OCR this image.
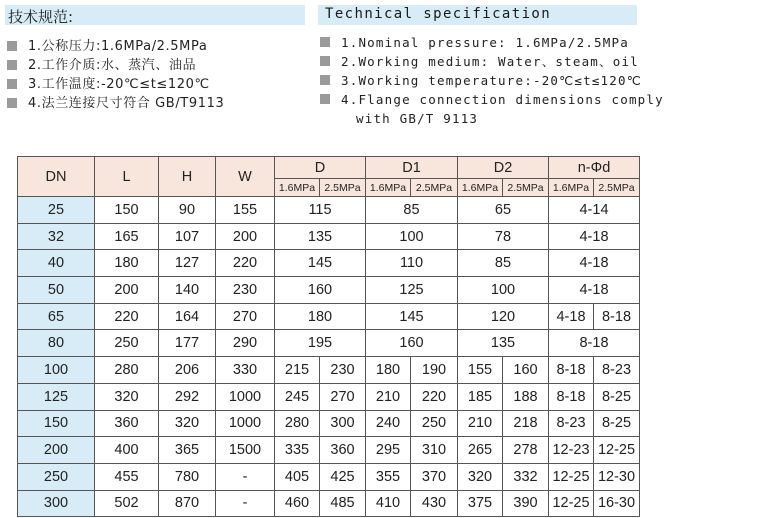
技术规范:	Technical specification
1.公称压力:1.6MPa/2.5MPa
2.工作介质:水、蒸汽、油品
3.工作温度:-20℃≤t≤120℃
4.法兰连接尺寸符合 GB/T9113
1.Nominal pressure: 1.6MPa/2.5MPa
2.Working medium: Water、steam、oil
3.Working temperature:-20℃≤t≤120℃
4.Flange connection dimensions comply
with GB/T 9113
DN	L	H	W	D		D1		D2		n-Φd	
				1.6MPa	2.5MPa	1.6MPa	2.5MPa	1.6MPa	2.5MPa	1.6MPa	2.5MPa
25	150	90	155	115		85		65		4-14	
32	165	107	200	135		100		78		4-18	
40	180	127	220	145		110		85		4-18	
50	200	140	230	160		125		100		4-18	
65	220	164	270	180		145		120		4-18	8-18
80	250	177	290	195		160		135		8-18	
100	280	206	330	215	230	180	190	155	160	8-18	8-23
125	320	292	1000	245	270	210	220	185	188	8-18	8-25
150	360	320	1000	280	300	240	250	210	218	8-23	8-25
200	400	365	1500	335	360	295	310	265	278	12-23	12-25
250	455	780	-	405	425	355	370	320	332	12-25	12-30
300	502	870	-	460	485	410	430	375	390	12-25	16-30
